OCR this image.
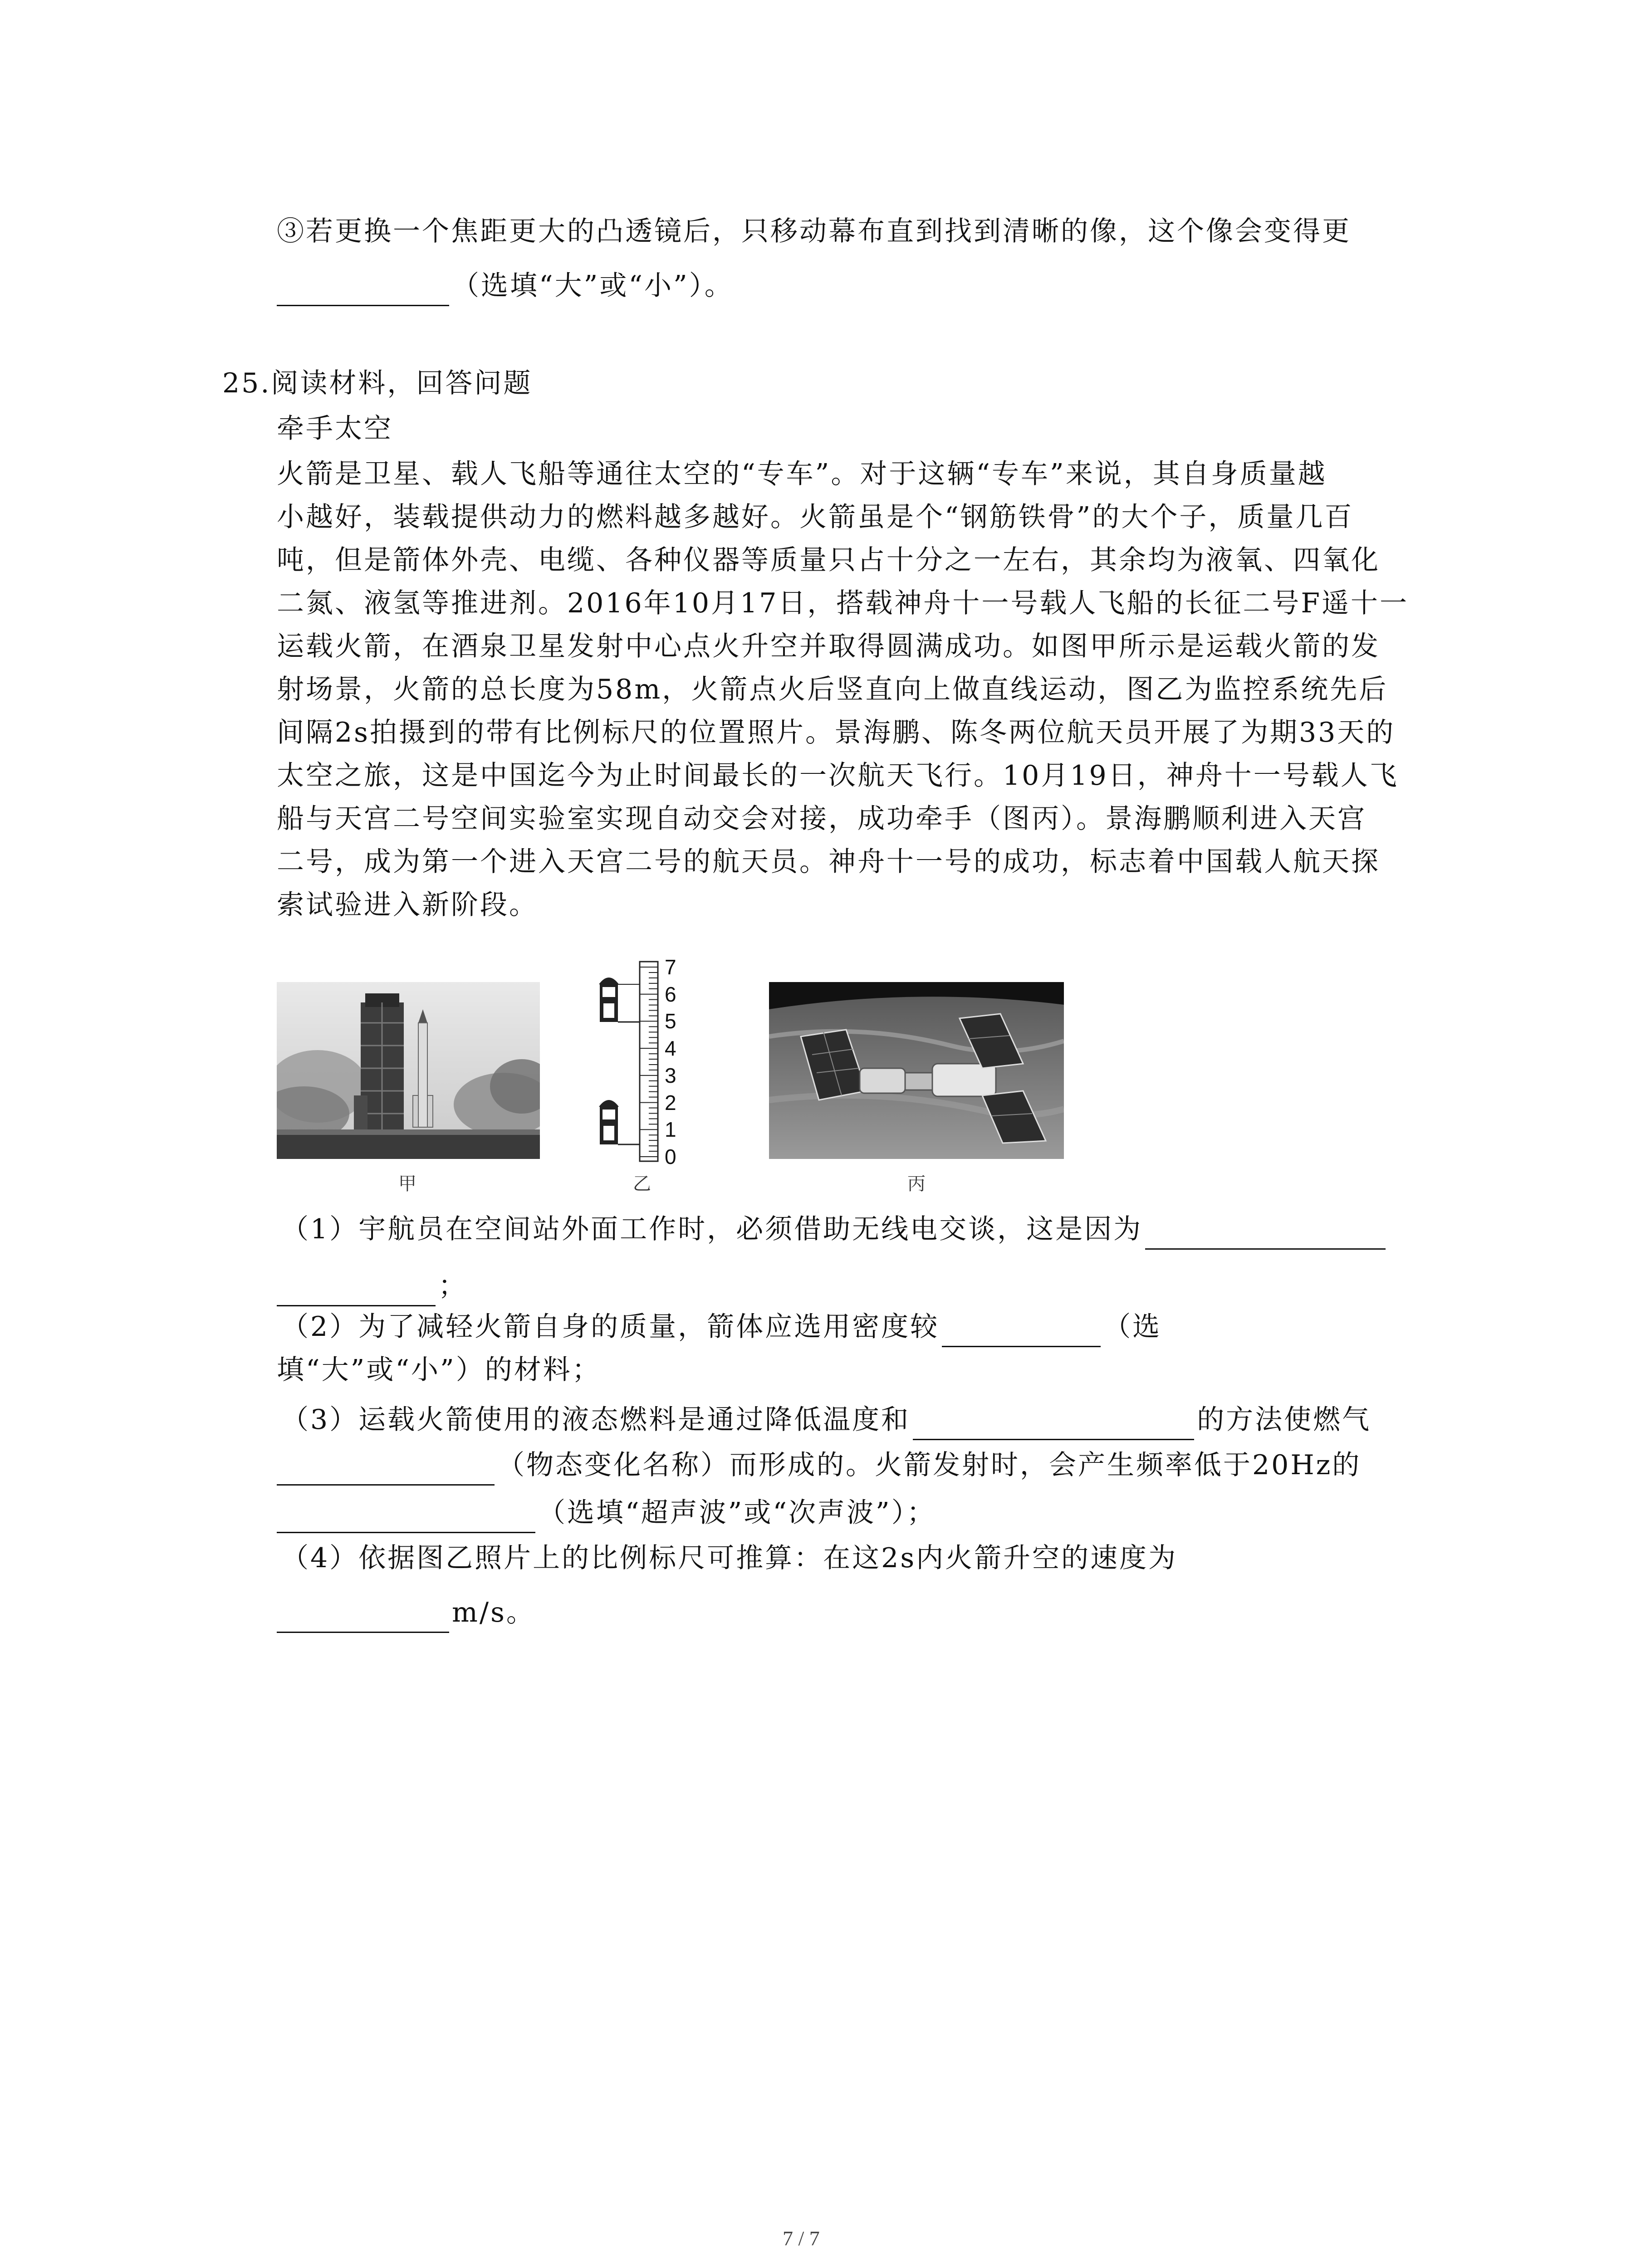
③若更换一个焦距更大的凸透镜后，只移动幕布直到找到清晰的像，这个像会变得更
（选填“大”或“小”）。
25.阅读材料，回答问题
牵手太空
火箭是卫星、载人飞船等通往太空的“专车”。对于这辆“专车”来说，其自身质量越
小越好，装载提供动力的燃料越多越好。火箭虽是个“钢筋铁骨”的大个子，质量几百
吨，但是箭体外壳、电缆、各种仪器等质量只占十分之一左右，其余均为液氧、四氧化
二氮、液氢等推进剂。2016年10月17日，搭载神舟十一号载人飞船的长征二号F遥十一
运载火箭，在酒泉卫星发射中心点火升空并取得圆满成功。如图甲所示是运载火箭的发
射场景，火箭的总长度为58m，火箭点火后竖直向上做直线运动，图乙为监控系统先后
间隔2s拍摄到的带有比例标尺的位置照片。景海鹏、陈冬两位航天员开展了为期33天的
太空之旅，这是中国迄今为止时间最长的一次航天飞行。10月19日，神舟十一号载人飞
船与天宫二号空间实验室实现自动交会对接，成功牵手（图丙）。景海鹏顺利进入天宫
二号，成为第一个进入天宫二号的航天员。神舟十一号的成功，标志着中国载人航天探
索试验进入新阶段。
甲
7
6
5
4
3
2
1
0
乙	丙
（1）宇航员在空间站外面工作时，必须借助无线电交谈，这是因为
；
（2）为了减轻火箭自身的质量，箭体应选用密度较	（选
填“大”或“小”）的材料；
（3）运载火箭使用的液态燃料是通过降低温度和	的方法使燃气
（物态变化名称）而形成的。火箭发射时，会产生频率低于20Hz的
（选填“超声波”或“次声波”）；
（4）依据图乙照片上的比例标尺可推算：在这2s内火箭升空的速度为
m/s。
7 / 7
